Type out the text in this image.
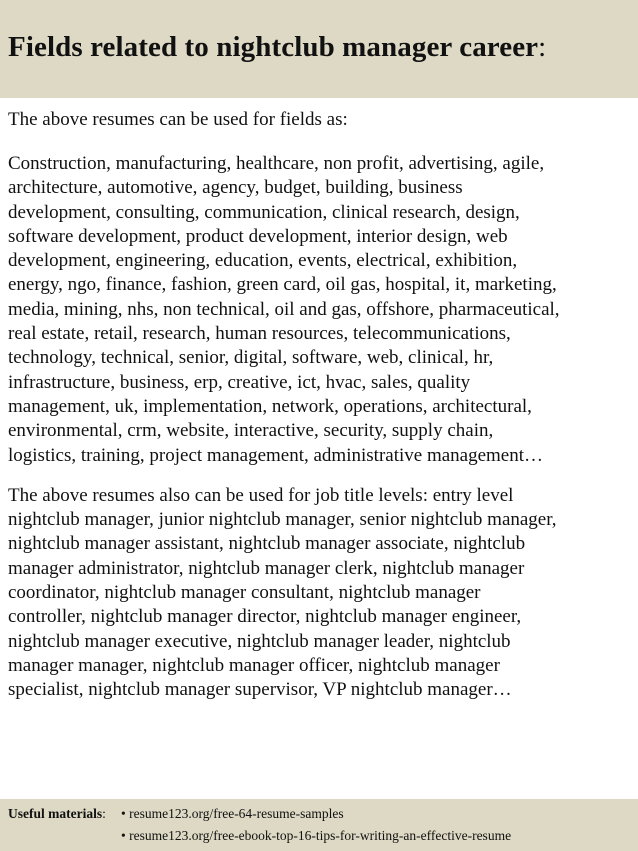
Fields related to nightclub manager career:

The above resumes can be used for fields as:

Construction, manufacturing, healthcare, non profit, advertising, agile,
architecture, automotive, agency, budget, building, business
development, consulting, communication, clinical research, design,
software development, product development, interior design, web
development, engineering, education, events, electrical, exhibition,
energy, ngo, finance, fashion, green card, oil gas, hospital, it, marketing,
media, mining, nhs, non technical, oil and gas, offshore, pharmaceutical,
real estate, retail, research, human resources, telecommunications,
technology, technical, senior, digital, software, web, clinical, hr,
infrastructure, business, erp, creative, ict, hvac, sales, quality
management, uk, implementation, network, operations, architectural,
environmental, crm, website, interactive, security, supply chain,
logistics, training, project management, administrative management…

The above resumes also can be used for job title levels: entry level
nightclub manager, junior nightclub manager, senior nightclub manager,
nightclub manager assistant, nightclub manager associate, nightclub
manager administrator, nightclub manager clerk, nightclub manager
coordinator, nightclub manager consultant, nightclub manager
controller, nightclub manager director, nightclub manager engineer,
nightclub manager executive, nightclub manager leader, nightclub
manager manager, nightclub manager officer, nightclub manager
specialist, nightclub manager supervisor, VP nightclub manager…

Useful materials: • resume123.org/free-64-resume-samples
• resume123.org/free-ebook-top-16-tips-for-writing-an-effective-resume
